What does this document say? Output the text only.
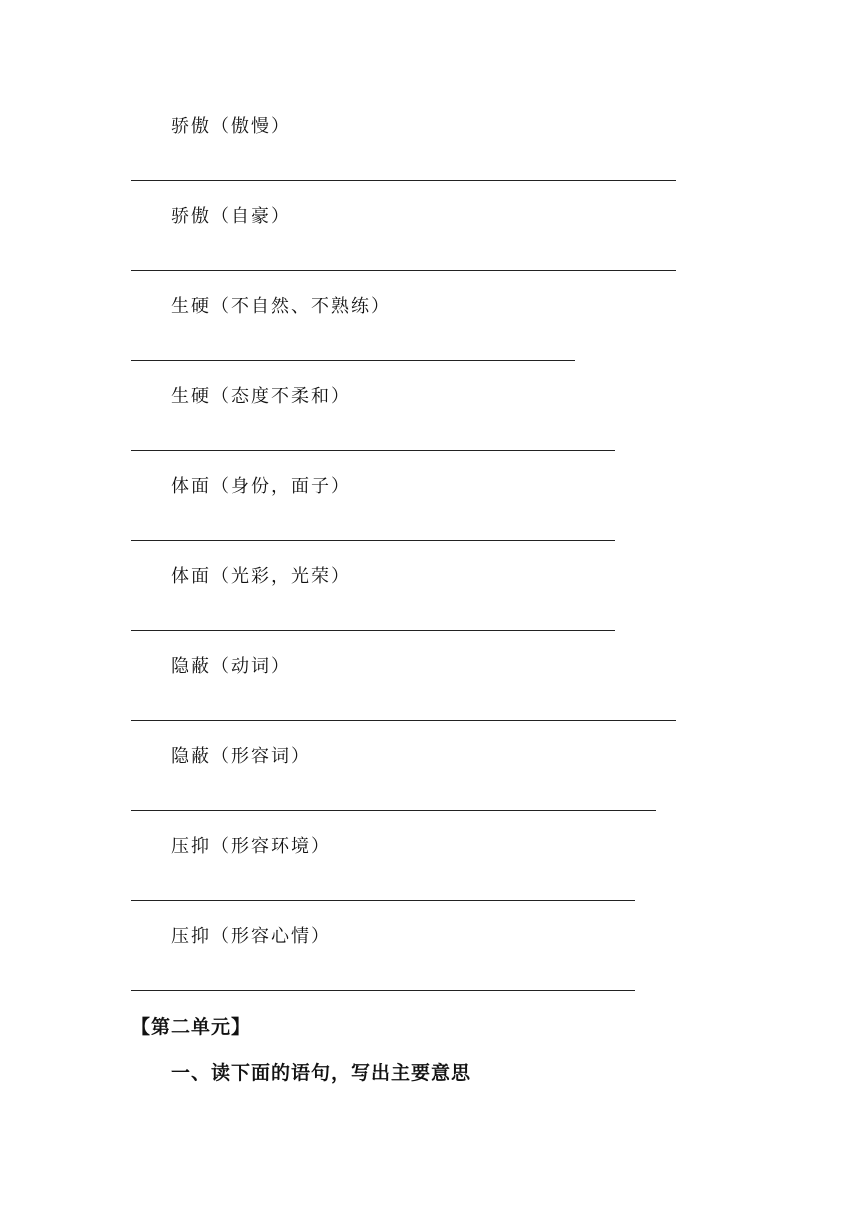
骄傲（傲慢）
骄傲（自豪）
生硬（不自然、不熟练）
生硬（态度不柔和）
体面（身份，面子）
体面（光彩，光荣）
隐蔽（动词）
隐蔽（形容词）
压抑（形容环境）
压抑（形容心情）
【第二单元】
一、读下面的语句，写出主要意思
